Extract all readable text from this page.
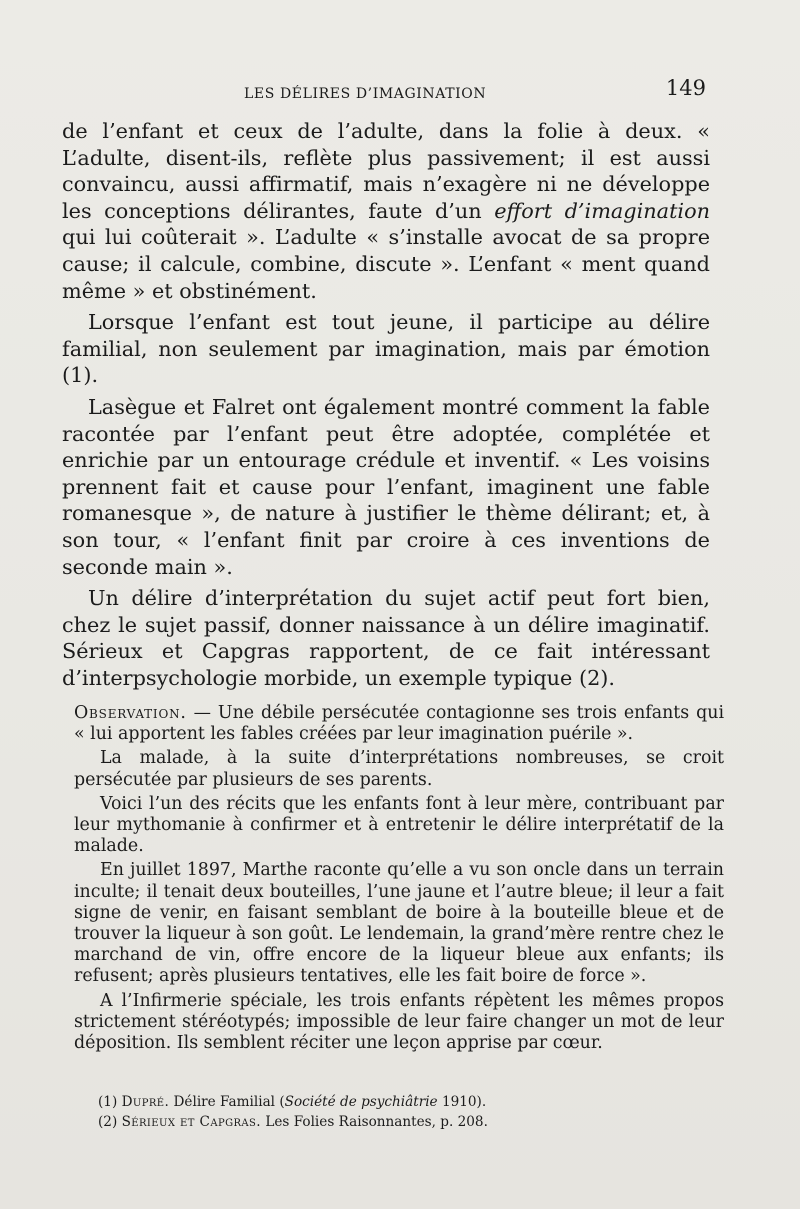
LES DÉLIRES D’IMAGINATION	149

de l’enfant et ceux de l’adulte, dans la folie à deux. « L’adulte, disent-ils, reflète plus passivement; il est aussi convaincu, aussi affirmatif, mais n’exagère ni ne développe les conceptions délirantes, faute d’un effort d’imagination qui lui coûterait ». L’adulte « s’installe avocat de sa propre cause; il calcule, combine, discute ». L’enfant « ment quand même » et obstinément.

Lorsque l’enfant est tout jeune, il participe au délire familial, non seulement par imagination, mais par émotion (1).

Lasègue et Falret ont également montré comment la fable racontée par l’enfant peut être adoptée, complétée et enrichie par un entourage crédule et inventif. « Les voisins prennent fait et cause pour l’enfant, imaginent une fable romanesque », de nature à justifier le thème délirant; et, à son tour, « l’enfant finit par croire à ces inventions de seconde main ».

Un délire d’interprétation du sujet actif peut fort bien, chez le sujet passif, donner naissance à un délire imaginatif. Sérieux et Capgras rapportent, de ce fait intéressant d’interpsychologie morbide, un exemple typique (2).

Observation. — Une débile persécutée contagionne ses trois enfants qui « lui apportent les fables créées par leur imagination puérile ».

La malade, à la suite d’interprétations nombreuses, se croit persécutée par plusieurs de ses parents.

Voici l’un des récits que les enfants font à leur mère, contribuant par leur mythomanie à confirmer et à entretenir le délire interprétatif de la malade.

En juillet 1897, Marthe raconte qu’elle a vu son oncle dans un terrain inculte; il tenait deux bouteilles, l’une jaune et l’autre bleue; il leur a fait signe de venir, en faisant semblant de boire à la bouteille bleue et de trouver la liqueur à son goût. Le lendemain, la grand’mère rentre chez le marchand de vin, offre encore de la liqueur bleue aux enfants; ils refusent; après plusieurs tentatives, elle les fait boire de force ».

A l’Infirmerie spéciale, les trois enfants répètent les mêmes propos strictement stéréotypés; impossible de leur faire changer un mot de leur déposition. Ils semblent réciter une leçon apprise par cœur.

(1) Dupré. Délire Familial (Société de psychiâtrie 1910).

(2) Sérieux et Capgras. Les Folies Raisonnantes, p. 208.
